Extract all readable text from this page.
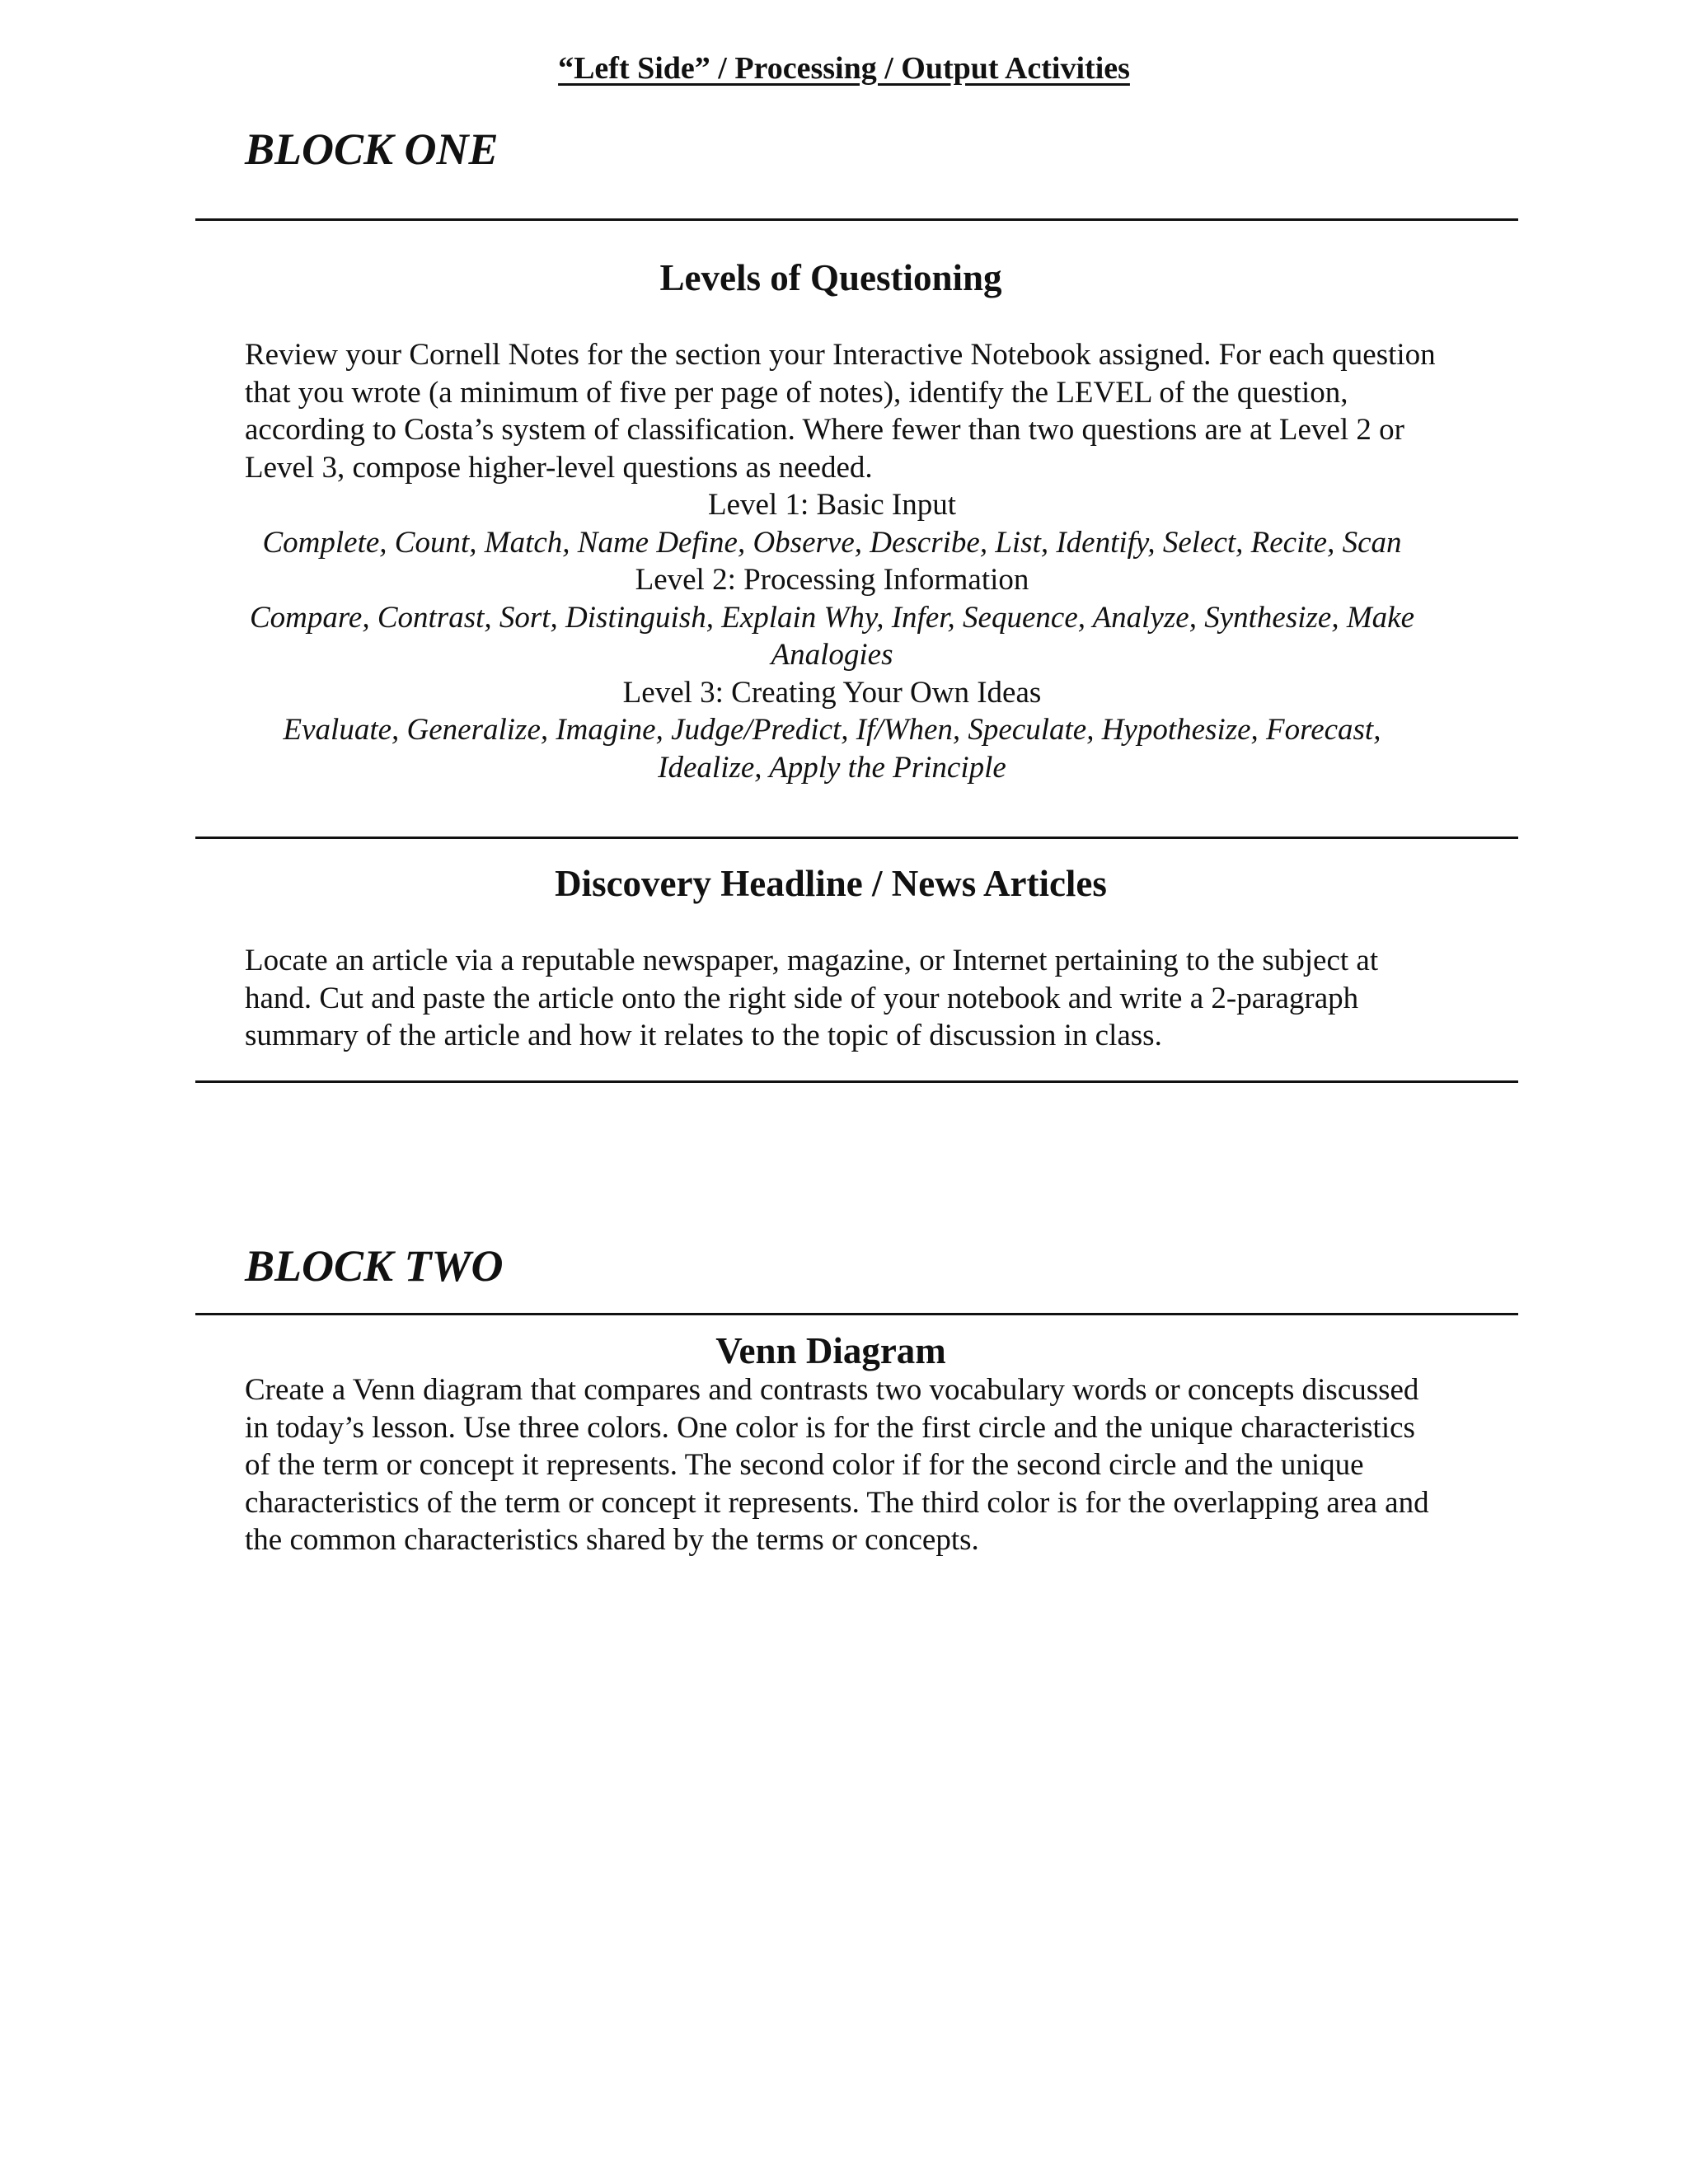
“Left Side” / Processing / Output Activities
BLOCK ONE
Levels of Questioning

Review your Cornell Notes for the section your Interactive Notebook assigned. For each question that you wrote (a minimum of five per page of notes), identify the LEVEL of the question, according to Costa’s system of classification. Where fewer than two questions are at Level 2 or Level 3, compose higher-level questions as needed.

Level 1: Basic Input
Complete, Count, Match, Name Define, Observe, Describe, List, Identify, Select, Recite, Scan
Level 2: Processing Information
Compare, Contrast, Sort, Distinguish, Explain Why, Infer, Sequence, Analyze, Synthesize, Make Analogies
Level 3: Creating Your Own Ideas
Evaluate, Generalize, Imagine, Judge/Predict, If/When, Speculate, Hypothesize, Forecast, Idealize, Apply the Principle
Discovery Headline / News Articles

Locate an article via a reputable newspaper, magazine, or Internet pertaining to the subject at hand. Cut and paste the article onto the right side of your notebook and write a 2-paragraph summary of the article and how it relates to the topic of discussion in class.

BLOCK TWO
Venn Diagram

Create a Venn diagram that compares and contrasts two vocabulary words or concepts discussed in today’s lesson. Use three colors. One color is for the first circle and the unique characteristics of the term or concept it represents. The second color if for the second circle and the unique characteristics of the term or concept it represents. The third color is for the overlapping area and the common characteristics shared by the terms or concepts.
